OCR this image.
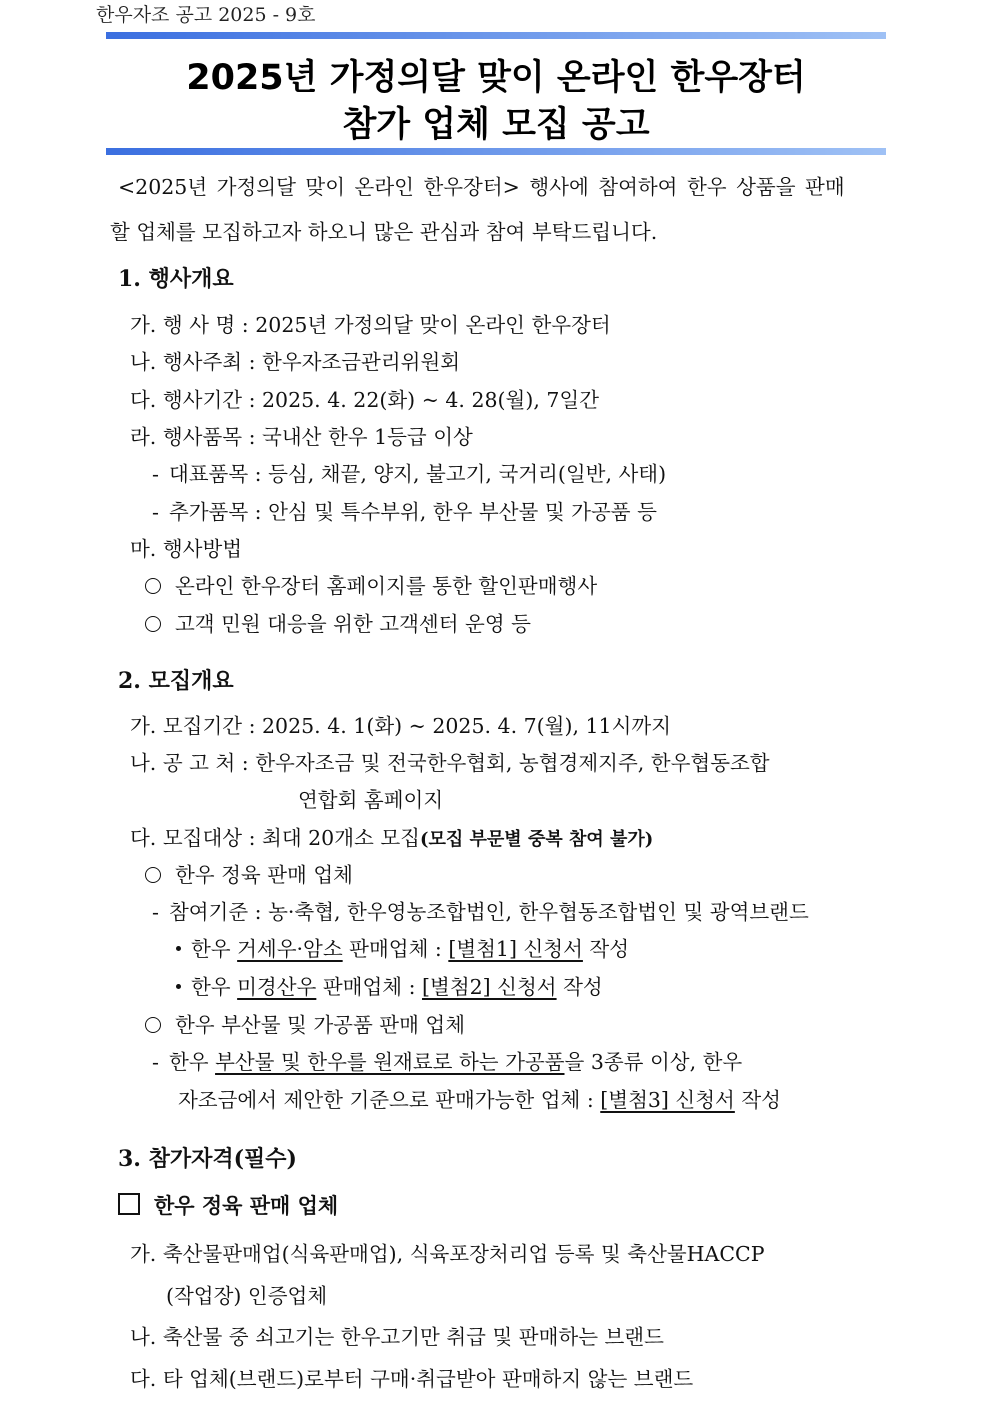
한우자조 공고 2025 - 9호
2025년 가정의달 맞이 온라인 한우장터
참가 업체 모집 공고
<2025년 가정의달 맞이 온라인 한우장터> 행사에 참여하여 한우 상품을 판매
할 업체를 모집하고자 하오니 많은 관심과 참여 부탁드립니다.
1. 행사개요
가. 행 사 명 : 2025년 가정의달 맞이 온라인 한우장터
나. 행사주최 : 한우자조금관리위원회
다. 행사기간 : 2025. 4. 22(화) ~ 4. 28(월), 7일간
라. 행사품목 : 국내산 한우 1등급 이상
- 대표품목 : 등심, 채끝, 양지, 불고기, 국거리(일반, 사태)
- 추가품목 : 안심 및 특수부위, 한우 부산물 및 가공품 등
마. 행사방법
온라인 한우장터 홈페이지를 통한 할인판매행사
고객 민원 대응을 위한 고객센터 운영 등
2. 모집개요
가. 모집기간 : 2025. 4. 1(화) ~ 2025. 4. 7(월), 11시까지
나. 공 고 처 : 한우자조금 및 전국한우협회, 농협경제지주, 한우협동조합
연합회 홈페이지
다. 모집대상 : 최대 20개소 모집(모집 부문별 중복 참여 불가)
한우 정육 판매 업체
- 참여기준 : 농·축협, 한우영농조합법인, 한우협동조합법인 및 광역브랜드
한우 거세우·암소 판매업체 : [별첨1] 신청서 작성
한우 미경산우 판매업체 : [별첨2] 신청서 작성
한우 부산물 및 가공품 판매 업체
- 한우 부산물 및 한우를 원재료로 하는 가공품을 3종류 이상, 한우
자조금에서 제안한 기준으로 판매가능한 업체 : [별첨3] 신청서 작성
3. 참가자격(필수)
한우 정육 판매 업체
가. 축산물판매업(식육판매업), 식육포장처리업 등록 및 축산물HACCP
(작업장) 인증업체
나. 축산물 중 쇠고기는 한우고기만 취급 및 판매하는 브랜드
다. 타 업체(브랜드)로부터 구매·취급받아 판매하지 않는 브랜드
